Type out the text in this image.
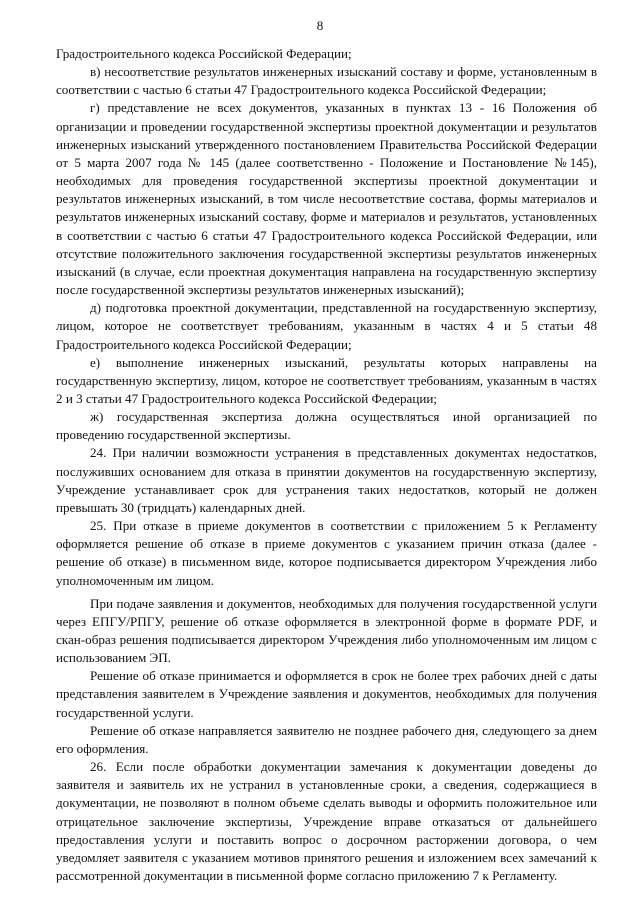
8

Градостроительного кодекса Российской Федерации;

в) несоответствие результатов инженерных изысканий составу и форме, установленным в соответствии с частью 6 статьи 47 Градостроительного кодекса Российской Федерации;

г) представление не всех документов, указанных в пунктах 13 - 16 Положения об организации и проведении государственной экспертизы проектной документации и результатов инженерных изысканий утвержденного постановлением Правительства Российской Федерации от 5 марта 2007 года № 145 (далее соответственно - Положение и Постановление №145), необходимых для проведения государственной экспертизы проектной документации и результатов инженерных изысканий, в том числе несоответствие состава, формы материалов и результатов инженерных изысканий составу, форме и материалов и результатов, установленных в соответствии с частью 6 статьи 47 Градостроительного кодекса Российской Федерации, или отсутствие положительного заключения государственной экспертизы результатов инженерных изысканий (в случае, если проектная документация направлена на государственную экспертизу после государственной экспертизы результатов инженерных изысканий);

д) подготовка проектной документации, представленной на государственную экспертизу, лицом, которое не соответствует требованиям, указанным в частях 4 и 5 статьи 48 Градостроительного кодекса Российской Федерации;

е) выполнение инженерных изысканий, результаты которых направлены на государственную экспертизу, лицом, которое не соответствует требованиям, указанным в частях 2 и 3 статьи 47 Градостроительного кодекса Российской Федерации;

ж) государственная экспертиза должна осуществляться иной организацией по проведению государственной экспертизы.

24. При наличии возможности устранения в представленных документах недостатков, послуживших основанием для отказа в принятии документов на государственную экспертизу, Учреждение устанавливает срок для устранения таких недостатков, который не должен превышать 30 (тридцать) календарных дней.

25. При отказе в приеме документов в соответствии с приложением 5 к Регламенту оформляется решение об отказе в приеме документов с указанием причин отказа (далее - решение об отказе) в письменном виде, которое подписывается директором Учреждения либо уполномоченным им лицом.

При подаче заявления и документов, необходимых для получения государственной услуги через ЕПГУ/РПГУ, решение об отказе оформляется в электронной форме в формате PDF, и скан-образ решения подписывается директором Учреждения либо уполномоченным им лицом с использованием ЭП.

Решение об отказе принимается и оформляется в срок не более трех рабочих дней с даты представления заявителем в Учреждение заявления и документов, необходимых для получения государственной услуги.

Решение об отказе направляется заявителю не позднее рабочего дня, следующего за днем его оформления.

26. Если после обработки документации замечания к документации доведены до заявителя и заявитель их не устранил в установленные сроки, а сведения, содержащиеся в документации, не позволяют в полном объеме сделать выводы и оформить положительное или отрицательное заключение экспертизы, Учреждение вправе отказаться от дальнейшего предоставления услуги и поставить вопрос о досрочном расторжении договора, о чем уведомляет заявителя с указанием мотивов принятого решения и изложением всех замечаний к рассмотренной документации в письменной форме согласно приложению 7 к Регламенту.
